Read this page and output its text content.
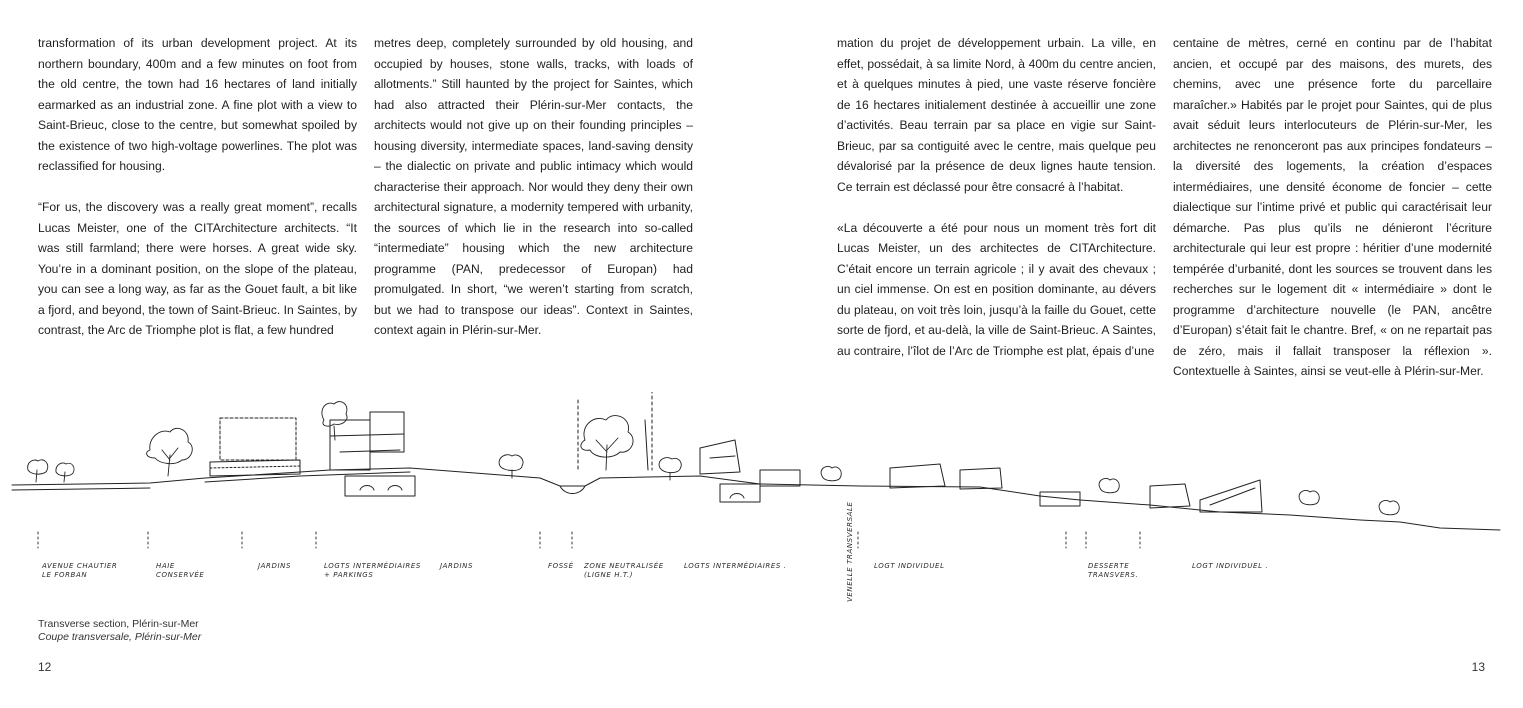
transformation of its urban development project. At its northern boundary, 400m and a few minutes on foot from the old centre, the town had 16 hectares of land initially earmarked as an industrial zone. A fine plot with a view to Saint-Brieuc, close to the centre, but somewhat spoiled by the existence of two high-voltage powerlines. The plot was reclassified for housing.

“For us, the discovery was a really great moment”, recalls Lucas Meister, one of the CITArchitecture architects. “It was still farmland; there were horses. A great wide sky. You’re in a dominant position, on the slope of the plateau, you can see a long way, as far as the Gouet fault, a bit like a fjord, and beyond, the town of Saint-Brieuc. In Saintes, by contrast, the Arc de Triomphe plot is flat, a few hundred

metres deep, completely surrounded by old housing, and occupied by houses, stone walls, tracks, with loads of allotments.” Still haunted by the project for Saintes, which had also attracted their Plérin-sur-Mer contacts, the architects would not give up on their founding principles – housing diversity, intermediate spaces, land-saving density – the dialectic on private and public intimacy which would characterise their approach. Nor would they deny their own architectural signature, a modernity tempered with urbanity, the sources of which lie in the research into so-called “intermediate” housing which the new architecture programme (PAN, predecessor of Europan) had promulgated. In short, “we weren’t starting from scratch, but we had to transpose our ideas”. Context in Saintes, context again in Plérin-sur-Mer.

mation du projet de développement urbain. La ville, en effet, possédait, à sa limite Nord, à 400m du centre ancien, et à quelques minutes à pied, une vaste réserve foncière de 16 hectares initialement destinée à accueillir une zone d’activités. Beau terrain par sa place en vigie sur Saint-Brieuc, par sa contiguité avec le centre, mais quelque peu dévalorisé par la présence de deux lignes haute tension. Ce terrain est déclassé pour être consacré à l’habitat.

«La découverte a été pour nous un moment très fort dit Lucas Meister, un des architectes de CITArchitecture. C’était encore un terrain agricole ; il y avait des chevaux ; un ciel immense. On est en position dominante, au dévers du plateau, on voit très loin, jusqu’à la faille du Gouet, cette sorte de fjord, et au-delà, la ville de Saint-Brieuc. A Saintes, au contraire, l’îlot de l’Arc de Triomphe est plat, épais d’une

centaine de mètres, cerné en continu par de l’habitat ancien, et occupé par des maisons, des murets, des chemins, avec une présence forte du parcellaire maraîcher.» Habités par le projet pour Saintes, qui de plus avait séduit leurs interlocuteurs de Plérin-sur-Mer, les architectes ne renonceront pas aux principes fondateurs – la diversité des logements, la création d’espaces intermédiaires, une densité économe de foncier – cette dialectique sur l’intime privé et public qui caractérisait leur démarche. Pas plus qu’ils ne dénieront l’écriture architecturale qui leur est propre : héritier d’une modernité tempérée d’urbanité, dont les sources se trouvent dans les recherches sur le logement dit « intermédiaire » dont le programme d’architecture nouvelle (le PAN, ancêtre d’Europan) s’était fait le chantre. Bref, « on ne repartait pas de zéro, mais il fallait transposer la réflexion ». Contextuelle à Saintes, ainsi se veut-elle à Plérin-sur-Mer.

AVENUE CHAUTIER
LE FORBAN
HAIE
CONSERVÉE
JARDINS	LOGTS INTERMÉDIAIRES
+ PARKINGS
JARDINS	FOSSÉ ZONE NEUTRALISÉE
(LIGNE H.T.)
LOGTS INTERMÉDIAIRES .	VENELLE TRANSVERSALE	LOGT INDIVIDUEL	DESSERTE
TRANSVERS.
LOGT INDIVIDUEL .
Transverse section, Plérin-sur-Mer
Coupe transversale, Plérin-sur-Mer
12	13
